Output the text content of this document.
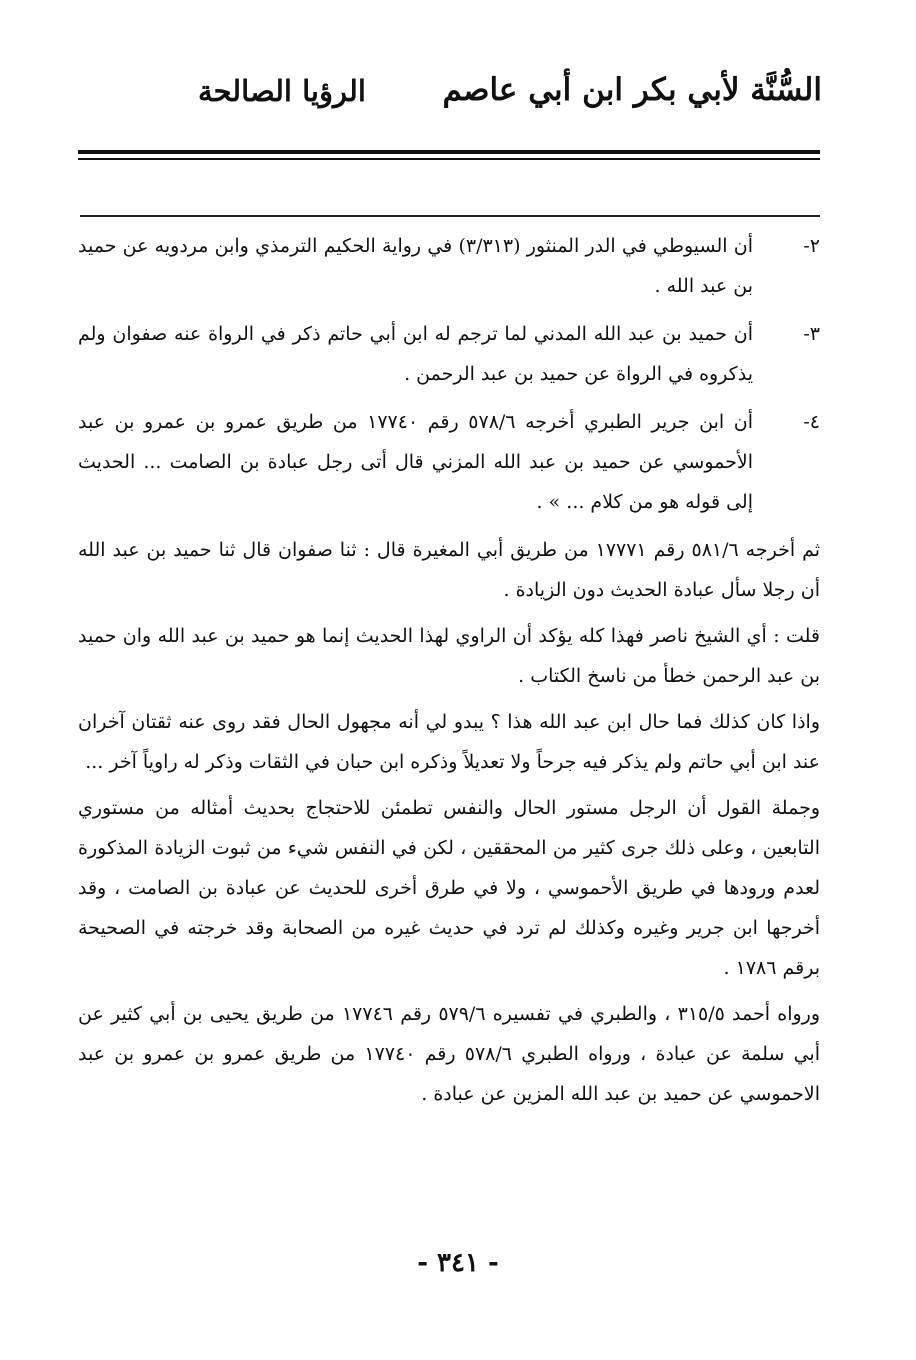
السُّنَّة لأبي بكر ابن أبي عاصم
الرؤيا الصالحة
٢-
أن السيوطي في الدر المنثور (٣/٣١٣) في رواية الحكيم الترمذي وابن مردويه عن حميد بن عبد الله .
٣-
أن حميد بن عبد الله المدني لما ترجم له ابن أبي حاتم ذكر في الرواة عنه صفوان ولم يذكروه في الرواة عن حميد بن عبد الرحمن .
٤-
أن ابن جرير الطبري أخرجه ٥٧٨/٦ رقم ١٧٧٤٠ من طريق عمرو بن عمرو بن عبد الأحموسي عن حميد بن عبد الله المزني قال أتى رجل عبادة بن الصامت ... الحديث إلى قوله هو من كلام ... » .

ثم أخرجه ٥٨١/٦ رقم ١٧٧٧١ من طريق أبي المغيرة قال : ثنا صفوان قال ثنا حميد بن عبد الله أن رجلا سأل عبادة الحديث دون الزيادة .

قلت : أي الشيخ ناصر فهذا كله يؤكد أن الراوي لهذا الحديث إنما هو حميد بن عبد الله وان حميد بن عبد الرحمن خطأ من ناسخ الكتاب .

واذا كان كذلك فما حال ابن عبد الله هذا ؟ يبدو لي أنه مجهول الحال فقد روى عنه ثقتان آخران عند ابن أبي حاتم ولم يذكر فيه جرحاً ولا تعديلاً وذكره ابن حبان في الثقات وذكر له راوياً آخر ...

وجملة القول أن الرجل مستور الحال والنفس تطمئن للاحتجاج بحديث أمثاله من مستوري التابعين ، وعلى ذلك جرى كثير من المحققين ، لكن في النفس شيء من ثبوت الزيادة المذكورة لعدم ورودها في طريق الأحموسي ، ولا في طرق أخرى للحديث عن عبادة بن الصامت ، وقد أخرجها ابن جرير وغيره وكذلك لم ترد في حديث غيره من الصحابة وقد خرجته في الصحيحة برقم ١٧٨٦ .

ورواه أحمد ٣١٥/٥ ، والطبري في تفسيره ٥٧٩/٦ رقم ١٧٧٤٦ من طريق يحيى بن أبي كثير عن أبي سلمة عن عبادة ، ورواه الطبري ٥٧٨/٦ رقم ١٧٧٤٠ من طريق عمرو بن عمرو بن عبد الاحموسي عن حميد بن عبد الله المزين عن عبادة .

- ٣٤١ -
